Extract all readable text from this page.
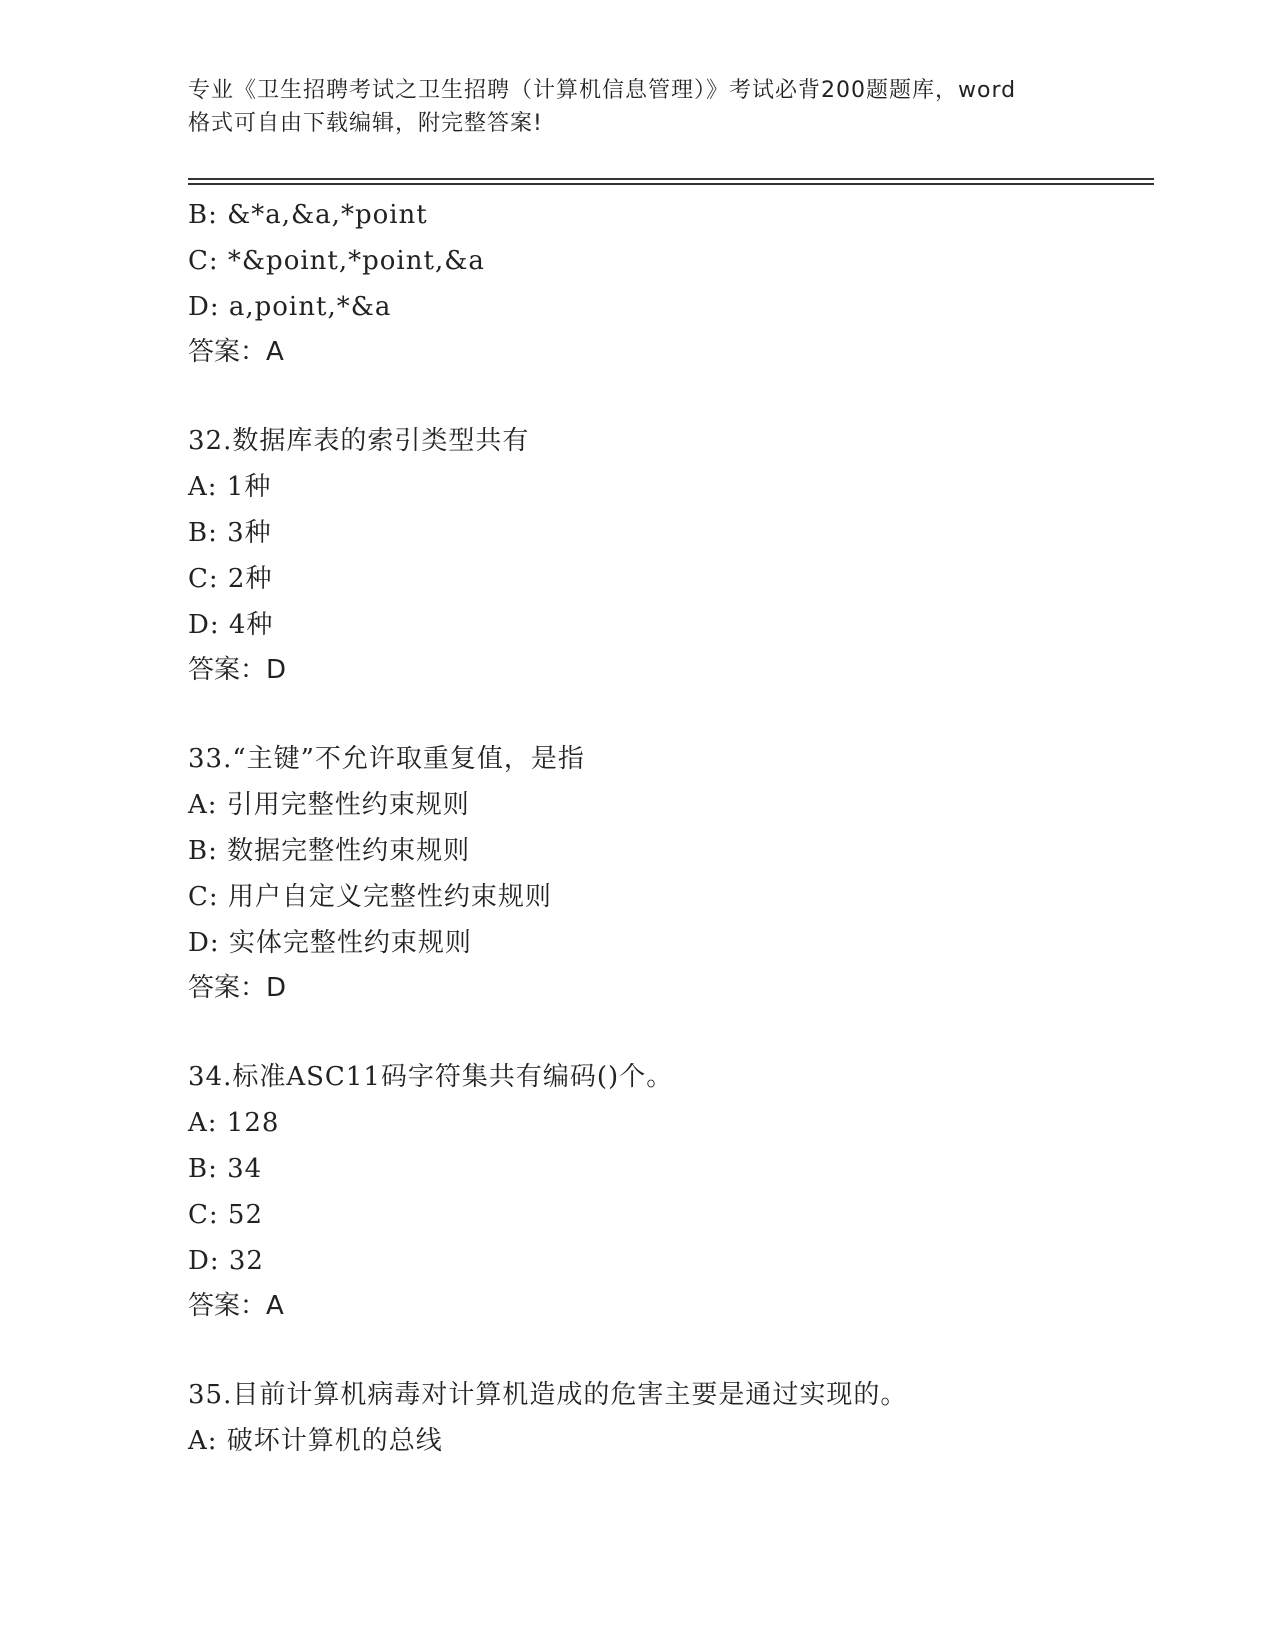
专业《卫生招聘考试之卫生招聘（计算机信息管理）》考试必背200题题库，word
格式可自由下载编辑，附完整答案!
B: &*a,&a,*point
C: *&point,*point,&a
D: a,point,*&a
答案：A
32.数据库表的索引类型共有
A: 1种
B: 3种
C: 2种
D: 4种
答案：D
33.“主键”不允许取重复值，是指
A: 引用完整性约束规则
B: 数据完整性约束规则
C: 用户自定义完整性约束规则
D: 实体完整性约束规则
答案：D
34.标准ASC11码字符集共有编码()个。
A: 128
B: 34
C: 52
D: 32
答案：A
35.目前计算机病毒对计算机造成的危害主要是通过实现的。
A: 破坏计算机的总线
